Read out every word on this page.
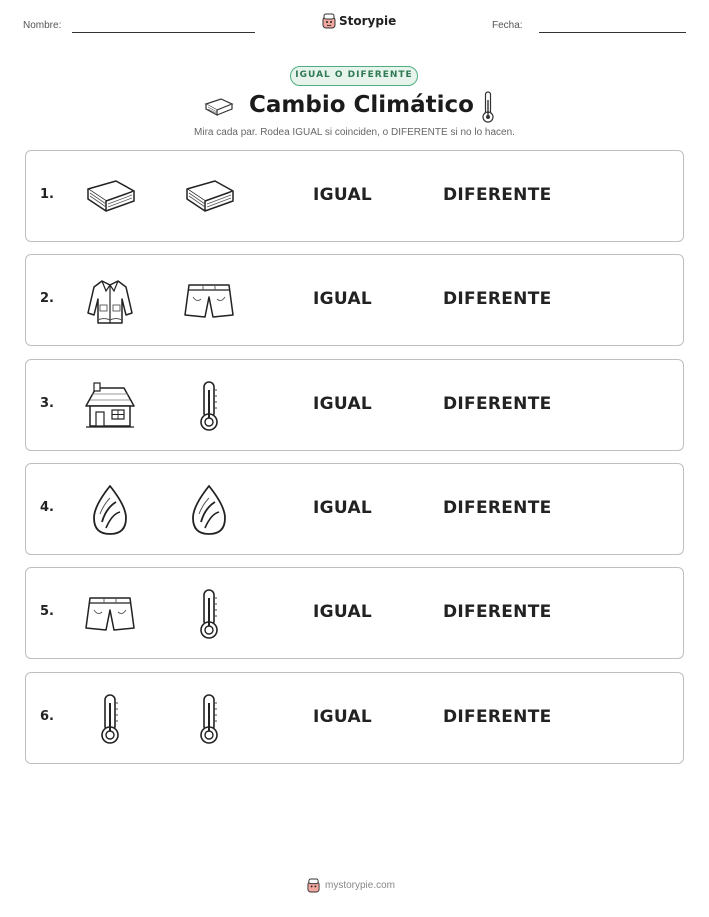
Nombre:	Storypie	Fecha:
IGUAL O DIFERENTE
Cambio Climático
Mira cada par. Rodea IGUAL si coinciden, o DIFERENTE si no lo hacen.
1.	IGUAL	DIFERENTE
2.	IGUAL	DIFERENTE
3.	IGUAL	DIFERENTE
4.	IGUAL	DIFERENTE
5.	IGUAL	DIFERENTE
6.	IGUAL	DIFERENTE
mystorypie.com
